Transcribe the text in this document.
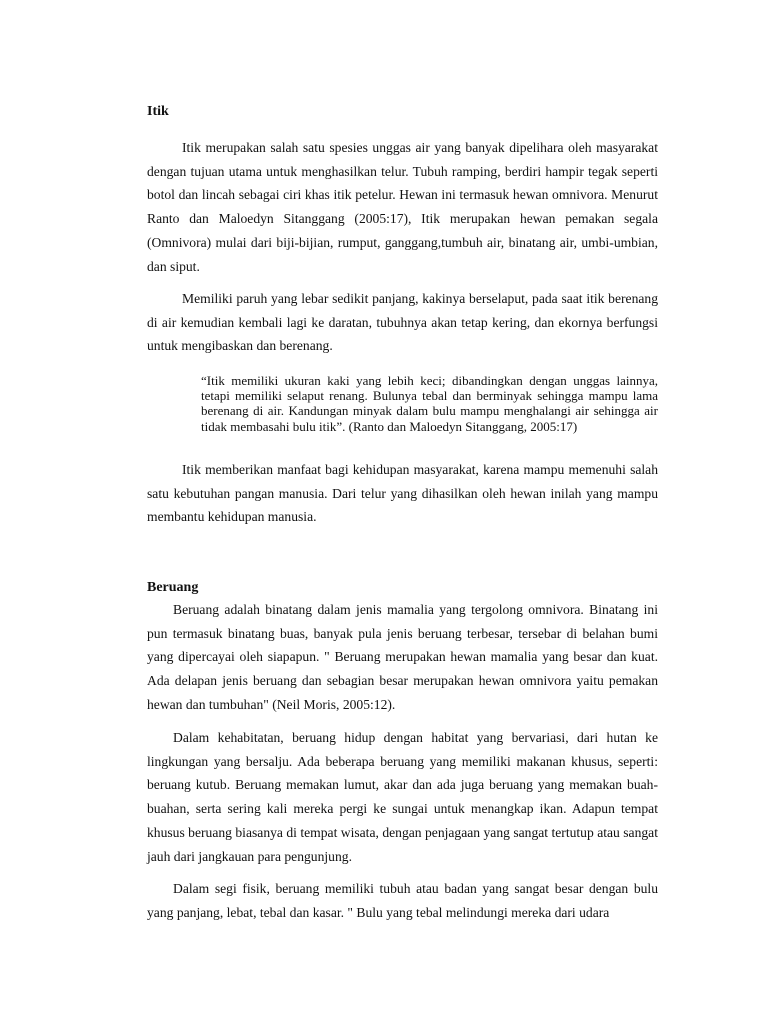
Itik

Itik merupakan salah satu spesies unggas air yang banyak dipelihara oleh masyarakat dengan tujuan utama untuk menghasilkan telur. Tubuh ramping, berdiri hampir tegak seperti botol dan lincah sebagai ciri khas itik petelur. Hewan ini termasuk hewan omnivora. Menurut Ranto dan Maloedyn Sitanggang (2005:17), Itik merupakan hewan pemakan segala (Omnivora) mulai dari biji-bijian, rumput, ganggang,tumbuh air, binatang air, umbi-umbian, dan siput.

Memiliki paruh yang lebar sedikit panjang, kakinya berselaput, pada saat itik berenang di air kemudian kembali lagi ke daratan, tubuhnya akan tetap kering, dan ekornya berfungsi untuk mengibaskan dan berenang.

“Itik memiliki ukuran kaki yang lebih keci; dibandingkan dengan unggas lainnya, tetapi memiliki selaput renang. Bulunya tebal dan berminyak sehingga mampu lama berenang di air. Kandungan minyak dalam bulu mampu menghalangi air sehingga air tidak membasahi bulu itik”. (Ranto dan Maloedyn Sitanggang, 2005:17)

Itik memberikan manfaat bagi kehidupan masyarakat, karena mampu memenuhi salah satu kebutuhan pangan manusia. Dari telur yang dihasilkan oleh hewan inilah yang mampu membantu kehidupan manusia.

Beruang

Beruang adalah binatang dalam jenis mamalia yang tergolong omnivora. Binatang ini pun termasuk binatang buas, banyak pula jenis beruang terbesar, tersebar di belahan bumi yang dipercayai oleh siapapun. " Beruang merupakan hewan mamalia yang besar dan kuat. Ada delapan jenis beruang dan sebagian besar merupakan hewan omnivora yaitu pemakan hewan dan tumbuhan" (Neil Moris, 2005:12).

Dalam kehabitatan, beruang hidup dengan habitat yang bervariasi, dari hutan ke lingkungan yang bersalju. Ada beberapa beruang yang memiliki makanan khusus, seperti: beruang kutub. Beruang memakan lumut, akar dan ada juga beruang yang memakan buah-buahan, serta sering kali mereka pergi ke sungai untuk menangkap ikan. Adapun tempat khusus beruang biasanya di tempat wisata, dengan penjagaan yang sangat tertutup atau sangat jauh dari jangkauan para pengunjung.

Dalam segi fisik, beruang memiliki tubuh atau badan yang sangat besar dengan bulu yang panjang, lebat, tebal dan kasar. " Bulu yang tebal melindungi mereka dari udara
